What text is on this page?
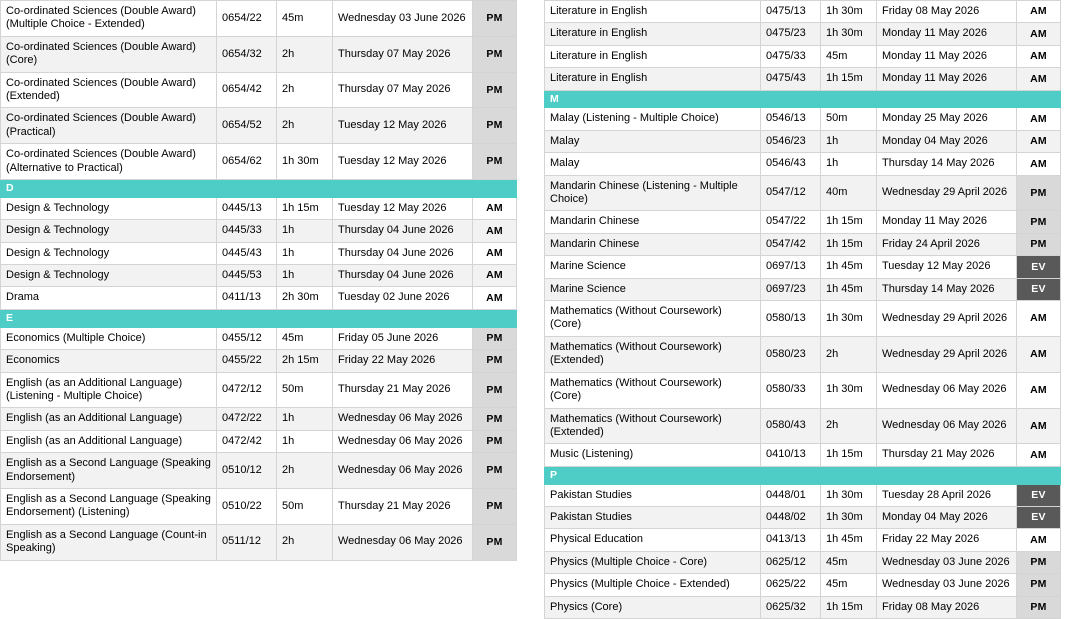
Co-ordinated Sciences (Double Award) (Multiple Choice - Extended)	0654/22	45m	Wednesday 03 June 2026	PM
Co-ordinated Sciences (Double Award) (Core)	0654/32	2h	Thursday 07 May 2026	PM
Co-ordinated Sciences (Double Award) (Extended)	0654/42	2h	Thursday 07 May 2026	PM
Co-ordinated Sciences (Double Award) (Practical)	0654/52	2h	Tuesday 12 May 2026	PM
Co-ordinated Sciences (Double Award) (Alternative to Practical)	0654/62	1h 30m	Tuesday 12 May 2026	PM
D				
Design & Technology	0445/13	1h 15m	Tuesday 12 May 2026	AM
Design & Technology	0445/33	1h	Thursday 04 June 2026	AM
Design & Technology	0445/43	1h	Thursday 04 June 2026	AM
Design & Technology	0445/53	1h	Thursday 04 June 2026	AM
Drama	0411/13	2h 30m	Tuesday 02 June 2026	AM
E				
Economics (Multiple Choice)	0455/12	45m	Friday 05 June 2026	PM
Economics	0455/22	2h 15m	Friday 22 May 2026	PM
English (as an Additional Language) (Listening - Multiple Choice)	0472/12	50m	Thursday 21 May 2026	PM
English (as an Additional Language)	0472/22	1h	Wednesday 06 May 2026	PM
English (as an Additional Language)	0472/42	1h	Wednesday 06 May 2026	PM
English as a Second Language (Speaking Endorsement)	0510/12	2h	Wednesday 06 May 2026	PM
English as a Second Language (Speaking Endorsement) (Listening)	0510/22	50m	Thursday 21 May 2026	PM
English as a Second Language (Count-in Speaking)	0511/12	2h	Wednesday 06 May 2026	PM
Literature in English	0475/13	1h 30m	Friday 08 May 2026	AM
Literature in English	0475/23	1h 30m	Monday 11 May 2026	AM
Literature in English	0475/33	45m	Monday 11 May 2026	AM
Literature in English	0475/43	1h 15m	Monday 11 May 2026	AM
M				
Malay (Listening - Multiple Choice)	0546/13	50m	Monday 25 May 2026	AM
Malay	0546/23	1h	Monday 04 May 2026	AM
Malay	0546/43	1h	Thursday 14 May 2026	AM
Mandarin Chinese (Listening - Multiple Choice)	0547/12	40m	Wednesday 29 April 2026	PM
Mandarin Chinese	0547/22	1h 15m	Monday 11 May 2026	PM
Mandarin Chinese	0547/42	1h 15m	Friday 24 April 2026	PM
Marine Science	0697/13	1h 45m	Tuesday 12 May 2026	EV
Marine Science	0697/23	1h 45m	Thursday 14 May 2026	EV
Mathematics (Without Coursework) (Core)	0580/13	1h 30m	Wednesday 29 April 2026	AM
Mathematics (Without Coursework) (Extended)	0580/23	2h	Wednesday 29 April 2026	AM
Mathematics (Without Coursework) (Core)	0580/33	1h 30m	Wednesday 06 May 2026	AM
Mathematics (Without Coursework) (Extended)	0580/43	2h	Wednesday 06 May 2026	AM
Music (Listening)	0410/13	1h 15m	Thursday 21 May 2026	AM
P				
Pakistan Studies	0448/01	1h 30m	Tuesday 28 April 2026	EV
Pakistan Studies	0448/02	1h 30m	Monday 04 May 2026	EV
Physical Education	0413/13	1h 45m	Friday 22 May 2026	AM
Physics (Multiple Choice - Core)	0625/12	45m	Wednesday 03 June 2026	PM
Physics (Multiple Choice - Extended)	0625/22	45m	Wednesday 03 June 2026	PM
Physics (Core)	0625/32	1h 15m	Friday 08 May 2026	PM
